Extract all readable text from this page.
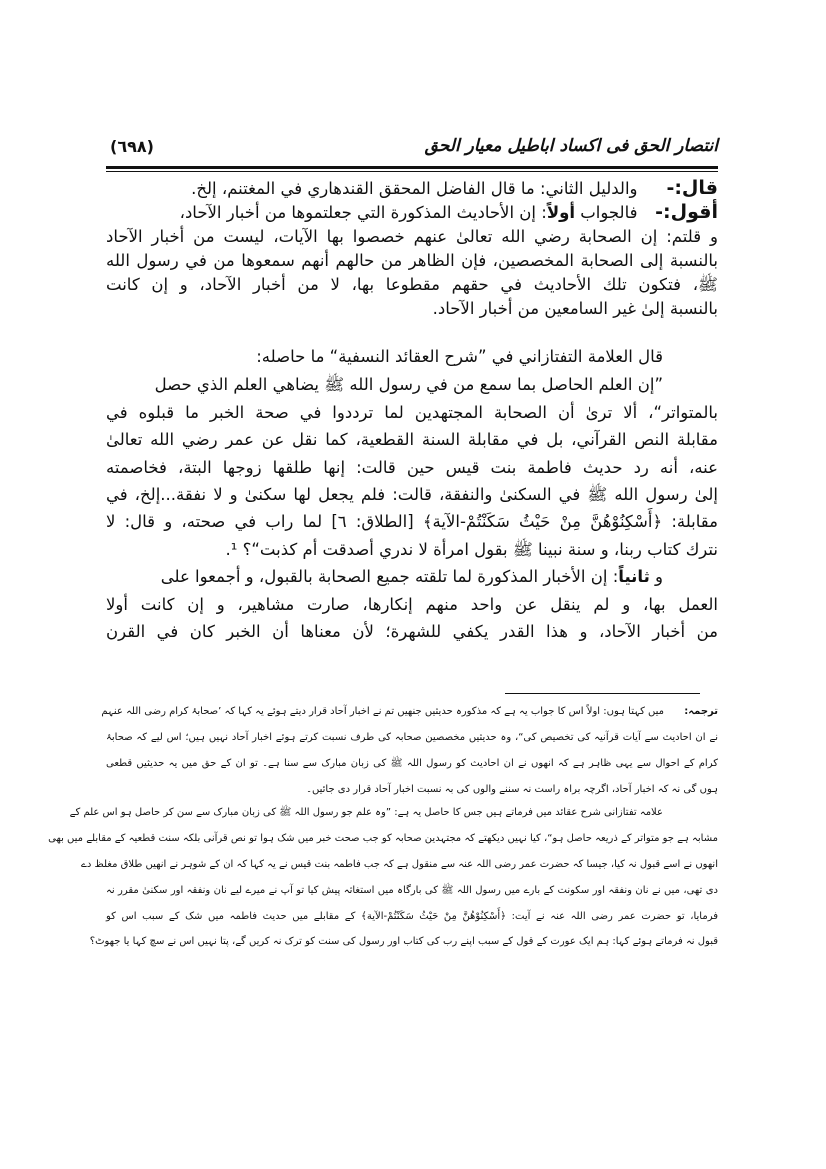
انتصار الحق فی اكساد اباطيل معيار الحق
(٦٩٨)
قال:- والدليل الثاني: ما قال الفاضل المحقق القندهاري في المغتنم، إلخ.
أقول:- فالجواب أولاً: إن الأحاديث المذكورة التي جعلتموها من أخبار الآحاد،
و قلتم: إن الصحابة رضي الله تعالىٰ عنهم خصصوا بها الآيات، ليست من أخبار الآحاد
بالنسبة إلى الصحابة المخصصين، فإن الظاهر من حالهم أنهم سمعوها من في رسول الله
ﷺ، فتكون تلك الأحاديث في حقهم مقطوعا بها، لا من أخبار الآحاد، و إن كانت
بالنسبة إلىٰ غير السامعين من أخبار الآحاد.
قال العلامة التفتازاني في ”شرح العقائد النسفية“ ما حاصله:
”إن العلم الحاصل بما سمع من في رسول الله ﷺ يضاهي العلم الذي حصل
بالمتواتر“، ألا ترىٰ أن الصحابة المجتهدين لما ترددوا في صحة الخبر ما قبلوه في
مقابلة النص القرآني، بل في مقابلة السنة القطعية، كما نقل عن عمر رضي الله تعالىٰ
عنه، أنه رد حديث فاطمة بنت قيس حين قالت: إنها طلقها زوجها البتة، فخاصمته
إلىٰ رسول الله ﷺ في السكنىٰ والنفقة، قالت: فلم يجعل لها سكنىٰ و لا نفقة...إلخ، في
مقابلة: ﴿أَسْكِنُوْهُنَّ مِنْ حَيْثُ سَكَنْتُمْ-الآية﴾ [الطلاق: ٦] لما راب في صحته، و قال: لا
نترك كتاب ربنا، و سنة نبينا ﷺ بقول امرأة لا ندري أصدقت أم كذبت“؟ ¹.
و ثانياً: إن الأخبار المذكورة لما تلقته جميع الصحابة بالقبول، و أجمعوا على
العمل بها، و لم ينقل عن واحد منهم إنكارها، صارت مشاهير، و إن كانت أولا
من أخبار الآحاد، و هذا القدر يكفي للشهرة؛ لأن معناها أن الخبر كان في القرن
ترجمہ: میں کہتا ہوں: اولاً اس کا جواب یہ ہے کہ مذکورہ حدیثیں جنھیں تم نے اخبار آحاد قرار دیتے ہوئے یہ کہا کہ ’صحابۂ کرام رضی اللہ عنہم
نے ان احادیث سے آیات قرآنیہ کی تخصیص کی“، وہ حدیثیں مخصصین صحابہ کی طرف نسبت کرتے ہوئے اخبار آحاد نہیں ہیں؛ اس لیے کہ صحابۂ
کرام کے احوال سے یہی ظاہر ہے کہ انھوں نے ان احادیث کو رسول اللہ ﷺ کی زبان مبارک سے سنا ہے۔ تو ان کے حق میں یہ حدیثیں قطعی
ہوں گی نہ کہ اخبار آحاد، اگرچہ براہ راست نہ سننے والوں کی بہ نسبت اخبار آحاد قرار دی جائیں۔
علامہ تفتازانی شرح عقائد میں فرماتے ہیں جس کا حاصل یہ ہے: ”وہ علم جو رسول اللہ ﷺ کی زبان مبارک سے سن کر حاصل ہو اس علم کے
مشابہ ہے جو متواتر کے ذریعہ حاصل ہو“، کیا نہیں دیکھتے کہ مجتہدین صحابہ کو جب صحت خبر میں شک ہوا تو نص قرآنی بلکہ سنت قطعیہ کے مقابلے میں بھی
انھوں نے اسے قبول نہ کیا، جیسا کہ حضرت عمر رضی اللہ عنہ سے منقول ہے کہ جب فاطمہ بنت قیس نے یہ کہا کہ ان کے شوہر نے انھیں طلاق مغلظ دے
دی تھی، میں نے نان ونفقہ اور سکونت کے بارے میں رسول اللہ ﷺ کی بارگاہ میں استغاثہ پیش کیا تو آپ نے میرے لیے نان ونفقہ اور سکنیٰ مقرر نہ
فرمایا، تو حضرت عمر رضی اللہ عنہ نے آیت: ﴿أَسْكِنُوْهُنَّ مِنْ حَيْثُ سَكَنْتُمْ-الآية﴾ کے مقابلے میں حدیث فاطمہ میں شک کے سبب اس کو
قبول نہ فرماتے ہوئے کہا: ہم ایک عورت کے قول کے سبب اپنے رب کی کتاب اور رسول کی سنت کو ترک نہ کریں گے، پتا نہیں اس نے سچ کہا یا جھوٹ؟
